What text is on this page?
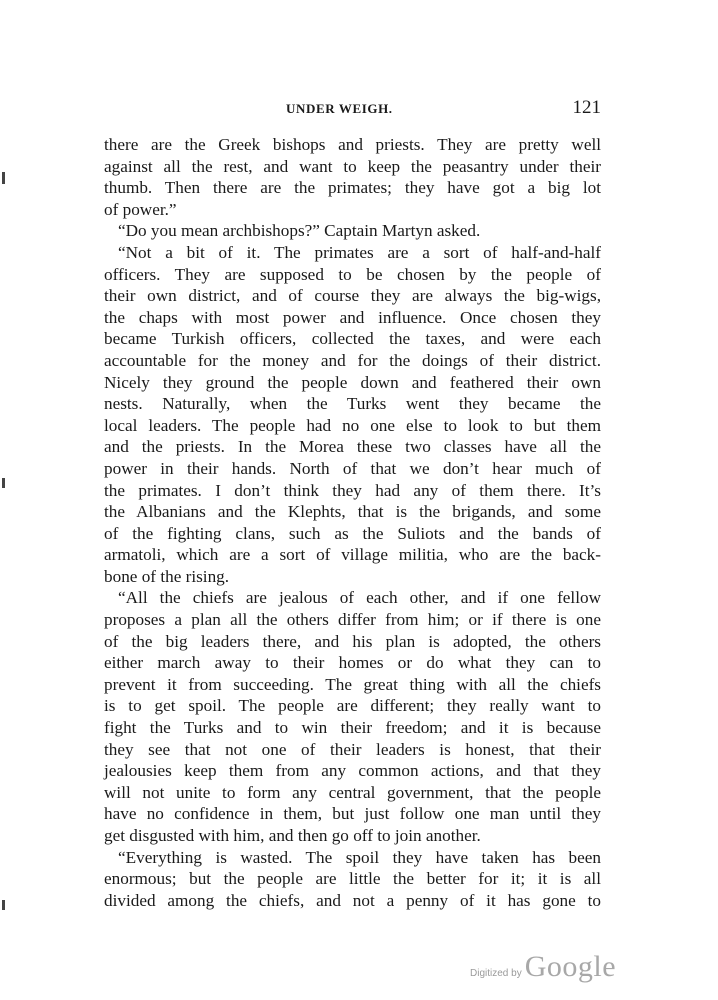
UNDER WEIGH.	121
there are the Greek bishops and priests. They are pretty well
against all the rest, and want to keep the peasantry under their
thumb. Then there are the primates; they have got a big lot
of power.”
“Do you mean archbishops?” Captain Martyn asked.
“Not a bit of it. The primates are a sort of half-and-half
officers. They are supposed to be chosen by the people of
their own district, and of course they are always the big-wigs,
the chaps with most power and influence. Once chosen they
became Turkish officers, collected the taxes, and were each
accountable for the money and for the doings of their district.
Nicely they ground the people down and feathered their own
nests. Naturally, when the Turks went they became the
local leaders. The people had no one else to look to but them
and the priests. In the Morea these two classes have all the
power in their hands. North of that we don’t hear much of
the primates. I don’t think they had any of them there. It’s
the Albanians and the Klephts, that is the brigands, and some
of the fighting clans, such as the Suliots and the bands of
armatoli, which are a sort of village militia, who are the back-
bone of the rising.
“All the chiefs are jealous of each other, and if one fellow
proposes a plan all the others differ from him; or if there is one
of the big leaders there, and his plan is adopted, the others
either march away to their homes or do what they can to
prevent it from succeeding. The great thing with all the chiefs
is to get spoil. The people are different; they really want to
fight the Turks and to win their freedom; and it is because
they see that not one of their leaders is honest, that their
jealousies keep them from any common actions, and that they
will not unite to form any central government, that the people
have no confidence in them, but just follow one man until they
get disgusted with him, and then go off to join another.
“Everything is wasted. The spoil they have taken has been
enormous; but the people are little the better for it; it is all
divided among the chiefs, and not a penny of it has gone to
Digitized by Google
